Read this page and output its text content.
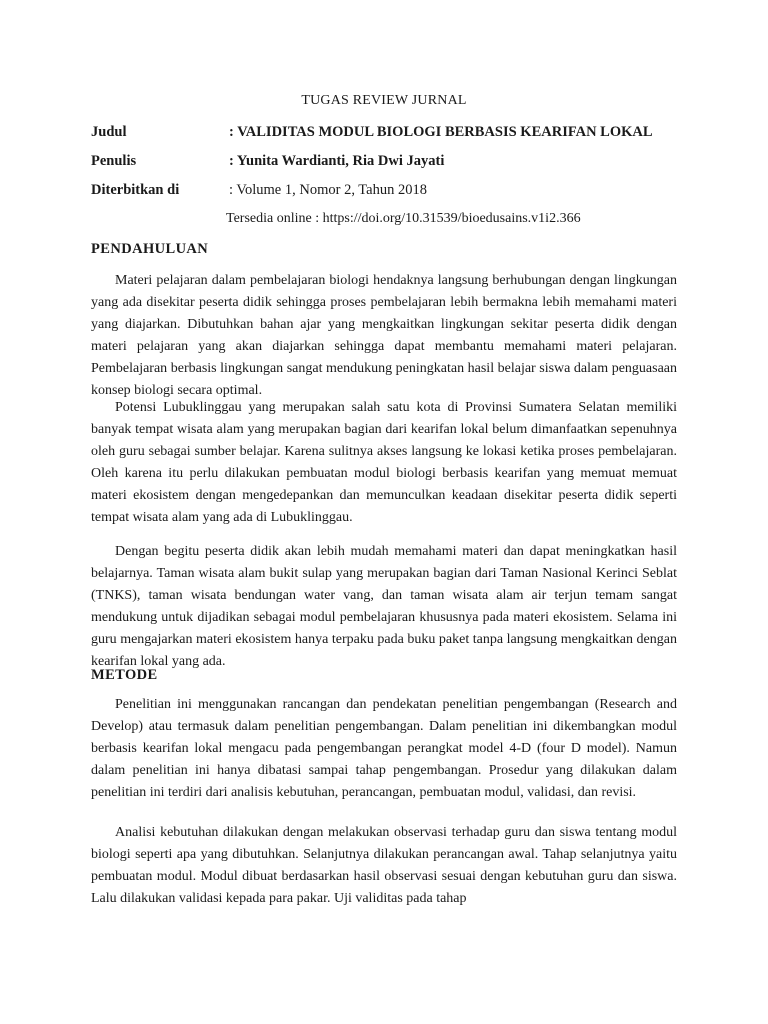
TUGAS REVIEW JURNAL
Judul	: VALIDITAS MODUL BIOLOGI BERBASIS KEARIFAN LOKAL
Penulis	: Yunita Wardianti, Ria Dwi Jayati
Diterbitkan di	: Volume 1, Nomor 2, Tahun 2018
Tersedia online : https://doi.org/10.31539/bioedusains.v1i2.366
PENDAHULUAN

Materi pelajaran dalam pembelajaran biologi hendaknya langsung berhubungan dengan lingkungan yang ada disekitar peserta didik sehingga proses pembelajaran lebih bermakna lebih memahami materi yang diajarkan. Dibutuhkan bahan ajar yang mengkaitkan lingkungan sekitar peserta didik dengan materi pelajaran yang akan diajarkan sehingga dapat membantu memahami materi pelajaran. Pembelajaran berbasis lingkungan sangat mendukung peningkatan hasil belajar siswa dalam penguasaan konsep biologi secara optimal.

Potensi Lubuklinggau yang merupakan salah satu kota di Provinsi Sumatera Selatan memiliki banyak tempat wisata alam yang merupakan bagian dari kearifan lokal belum dimanfaatkan sepenuhnya oleh guru sebagai sumber belajar. Karena sulitnya akses langsung ke lokasi ketika proses pembelajaran. Oleh karena itu perlu dilakukan pembuatan modul biologi berbasis kearifan yang memuat memuat materi ekosistem dengan mengedepankan dan memunculkan keadaan disekitar peserta didik seperti tempat wisata alam yang ada di Lubuklinggau.

Dengan begitu peserta didik akan lebih mudah memahami materi dan dapat meningkatkan hasil belajarnya. Taman wisata alam bukit sulap yang merupakan bagian dari Taman Nasional Kerinci Seblat (TNKS), taman wisata bendungan water vang, dan taman wisata alam air terjun temam sangat mendukung untuk dijadikan sebagai modul pembelajaran khususnya pada materi ekosistem. Selama ini guru mengajarkan materi ekosistem hanya terpaku pada buku paket tanpa langsung mengkaitkan dengan kearifan lokal yang ada.

METODE

Penelitian ini menggunakan rancangan dan pendekatan penelitian pengembangan (Research and Develop) atau termasuk dalam penelitian pengembangan. Dalam penelitian ini dikembangkan modul berbasis kearifan lokal mengacu pada pengembangan perangkat model 4-D (four D model). Namun dalam penelitian ini hanya dibatasi sampai tahap pengembangan. Prosedur yang dilakukan dalam penelitian ini terdiri dari analisis kebutuhan, perancangan, pembuatan modul, validasi, dan revisi.

Analisi kebutuhan dilakukan dengan melakukan observasi terhadap guru dan siswa tentang modul biologi seperti apa yang dibutuhkan. Selanjutnya dilakukan perancangan awal. Tahap selanjutnya yaitu pembuatan modul. Modul dibuat berdasarkan hasil observasi sesuai dengan kebutuhan guru dan siswa. Lalu dilakukan validasi kepada para pakar. Uji validitas pada tahap
